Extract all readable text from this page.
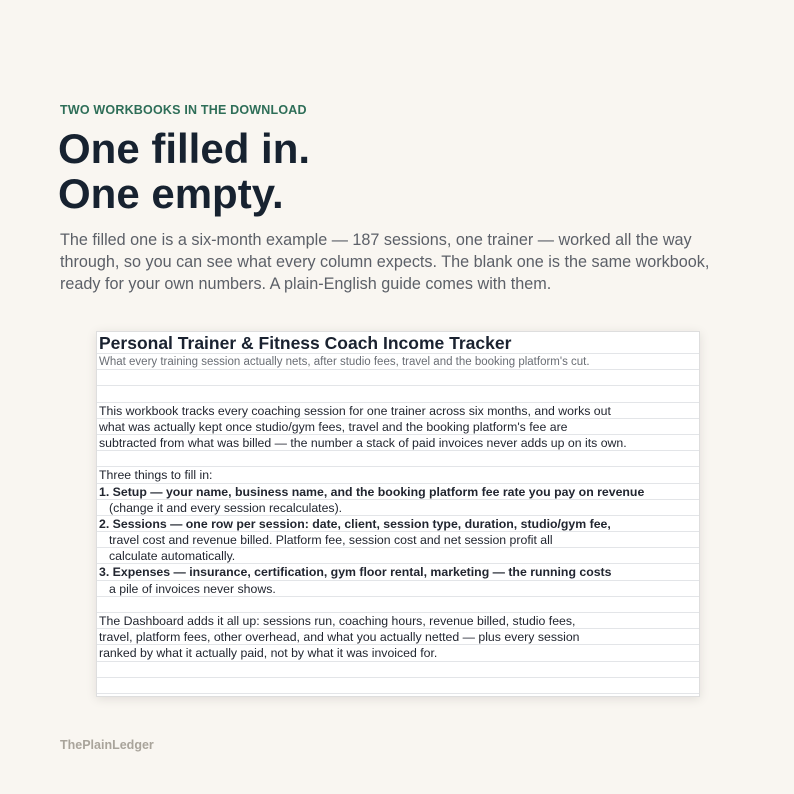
TWO WORKBOOKS IN THE DOWNLOAD
One filled in.
One empty.

The filled one is a six-month example — 187 sessions, one trainer — worked all the way through, so you can see what every column expects. The blank one is the same workbook, ready for your own numbers. A plain-English guide comes with them.

Personal Trainer & Fitness Coach Income Tracker
What every training session actually nets, after studio fees, travel and the booking platform's cut.
This workbook tracks every coaching session for one trainer across six months, and works out
what was actually kept once studio/gym fees, travel and the booking platform's fee are
subtracted from what was billed — the number a stack of paid invoices never adds up on its own.
Three things to fill in:
1. Setup — your name, business name, and the booking platform fee rate you pay on revenue
(change it and every session recalculates).
2. Sessions — one row per session: date, client, session type, duration, studio/gym fee,
travel cost and revenue billed. Platform fee, session cost and net session profit all
calculate automatically.
3. Expenses — insurance, certification, gym floor rental, marketing — the running costs
a pile of invoices never shows.
The Dashboard adds it all up: sessions run, coaching hours, revenue billed, studio fees,
travel, platform fees, other overhead, and what you actually netted — plus every session
ranked by what it actually paid, not by what it was invoiced for.
ThePlainLedger
